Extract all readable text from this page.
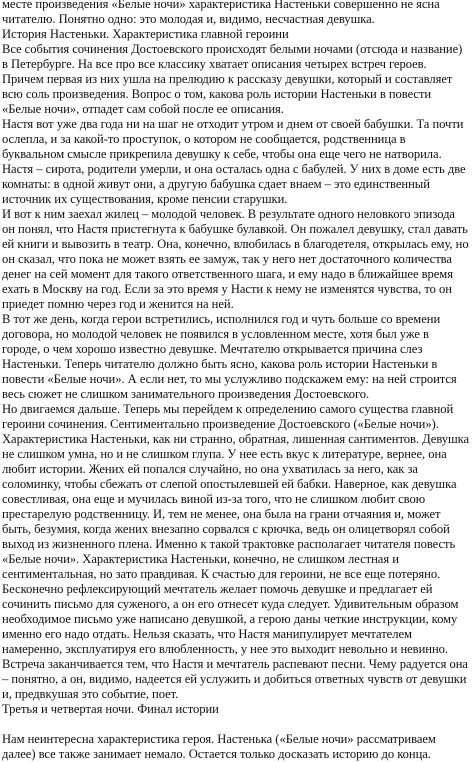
месте произведения «Белые ночи» характеристика Настеньки совершенно не ясна читателю. Понятно одно: это молодая и, видимо, несчастная девушка.

История Настеньки. Характеристика главной героини

Все события сочинения Достоевского происходят белыми ночами (отсюда и название) в Петербурге. На все про все классику хватает описания четырех встреч героев. Причем первая из них ушла на прелюдию к рассказу девушки, который и составляет всю соль произведения. Вопрос о том, какова роль истории Настеньки в повести «Белые ночи», отпадет сам собой после ее описания.

Настя вот уже два года ни на шаг не отходит утром и днем от своей бабушки. Та почти ослепла, и за какой-то проступок, о котором не сообщается, родственница в буквальном смысле прикрепила девушку к себе, чтобы она еще чего не натворила. Настя – сирота, родители умерли, и она осталась одна с бабулей. У них в доме есть две комнаты: в одной живут они, а другую бабушка сдает внаем – это единственный источник их существования, кроме пенсии старушки.

И вот к ним заехал жилец – молодой человек. В результате одного неловкого эпизода он понял, что Настя пристегнута к бабушке булавкой. Он пожалел девушку, стал давать ей книги и вывозить в театр. Она, конечно, влюбилась в благодетеля, открылась ему, но он сказал, что пока не может взять ее замуж, так у него нет достаточного количества денег на сей момент для такого ответственного шага, и ему надо в ближайшее время ехать в Москву на год. Если за это время у Насти к нему не изменятся чувства, то он приедет помню через год и женится на ней.

В тот же день, когда герои встретились, исполнился год и чуть больше со времени договора, но молодой человек не появился в условленном месте, хотя был уже в городе, о чем хорошо известно девушке. Мечтателю открывается причина слез Настеньки. Теперь читателю должно быть ясно, какова роль истории Настеньки в повести «Белые ночи». А если нет, то мы услужливо подскажем ему: на ней строится весь сюжет не слишком занимательного произведения Достоевского.

Но двигаемся дальше. Теперь мы перейдем к определению самого существа главной героини сочинения. Сентиментально произведение Достоевского («Белые ночи»). Характеристика Настеньки, как ни странно, обратная, лишенная сантиментов. Девушка не слишком умна, но и не слишком глупа. У нее есть вкус к литературе, вернее, она любит истории. Жених ей попался случайно, но она ухватилась за него, как за соломинку, чтобы сбежать от слепой опостылевшей ей бабки. Наверное, как девушка совестливая, она еще и мучилась виной из-за того, что не слишком любит свою престарелую родственницу. И, тем не менее, она была на грани отчаяния и, может быть, безумия, когда жених внезапно сорвался с крючка, ведь он олицетворял собой выход из жизненного плена. Именно к такой трактовке располагает читателя повесть «Белые ночи». Характеристика Настеньки, конечно, не слишком лестная и сентиментальная, но зато правдивая. К счастью для героини, не все еще потеряно.

Бесконечно рефлексирующий мечтатель желает помочь девушке и предлагает ей сочинить письмо для суженого, а он его отнесет куда следует. Удивительным образом необходимое письмо уже написано девушкой, а герою даны четкие инструкции, кому именно его надо отдать. Нельзя сказать, что Настя манипулирует мечтателем намеренно, эксплуатируя его влюбленность, у нее это выходит невольно и невинно.

Встреча заканчивается тем, что Настя и мечтатель распевают песни. Чему радуется она – понятно, а он, видимо, надеется ей услужить и добиться ответных чувств от девушки и, предвкушая это событие, поет.

Третья и четвертая ночи. Финал истории

Нам неинтересна характеристика героя. Настенька («Белые ночи» рассматриваем далее) все также занимает немало. Остается только досказать историю до конца.
